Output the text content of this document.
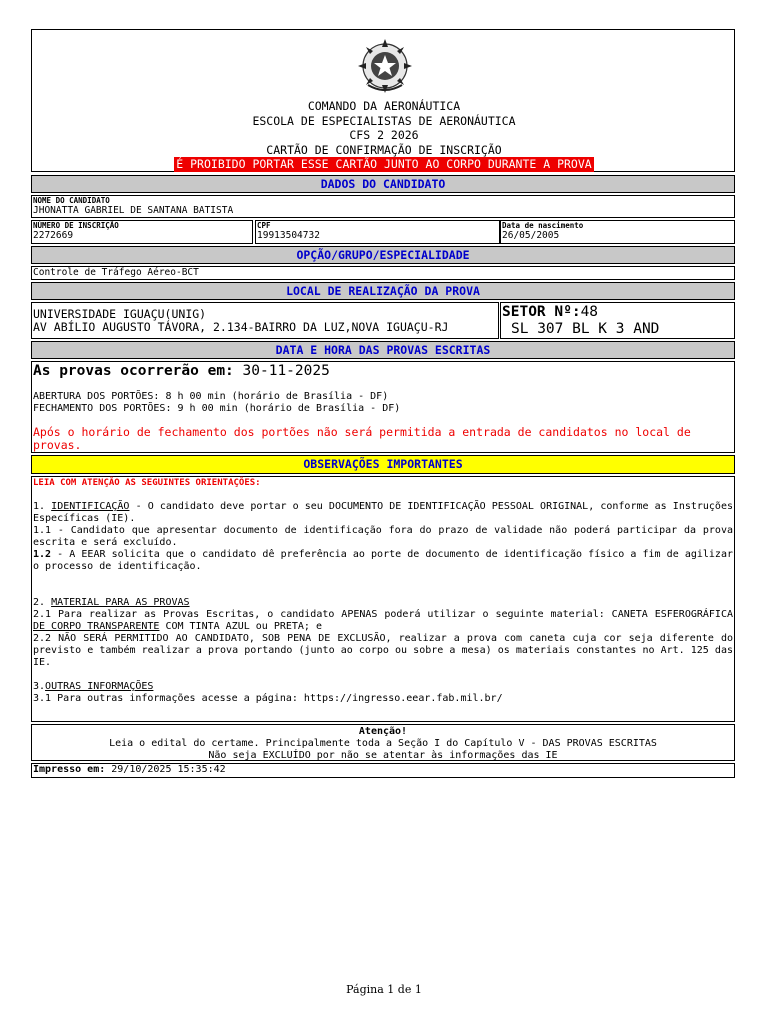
COMANDO DA AERONÁUTICA
ESCOLA DE ESPECIALISTAS DE AERONÁUTICA
CFS 2 2026
CARTÃO DE CONFIRMAÇÃO DE INSCRIÇÃO
É PROIBIDO PORTAR ESSE CARTÃO JUNTO AO CORPO DURANTE A PROVA
DADOS DO CANDIDATO
NOME DO CANDIDATO
JHONATTA GABRIEL DE SANTANA BATISTA
NÚMERO DE INSCRIÇÃO
2272669
CPF
19913504732
Data de nascimento
26/05/2005
OPÇÃO/GRUPO/ESPECIALIDADE
Controle de Tráfego Aéreo-BCT
LOCAL DE REALIZAÇÃO DA PROVA
UNIVERSIDADE IGUAÇU(UNIG)
AV ABÍLIO AUGUSTO TÁVORA, 2.134-BAIRRO DA LUZ,NOVA IGUAÇU-RJ
SETOR Nº:48
SL 307 BL K 3 AND
DATA E HORA DAS PROVAS ESCRITAS
As provas ocorrerão em: 30-11-2025
ABERTURA DOS PORTÕES: 8 h 00 min (horário de Brasília - DF)
FECHAMENTO DOS PORTÕES: 9 h 00 min (horário de Brasília - DF)
Após o horário de fechamento dos portões não será permitida a entrada de candidatos no local de provas.
OBSERVAÇÕES IMPORTANTES

LEIA COM ATENÇÃO AS SEGUINTES ORIENTAÇÕES:

1. IDENTIFICAÇÃO - O candidato deve portar o seu DOCUMENTO DE IDENTIFICAÇÃO PESSOAL ORIGINAL, conforme as Instruções Específicas (IE).

1.1 - Candidato que apresentar documento de identificação fora do prazo de validade não poderá participar da prova escrita e será excluído.

1.2 - A EEAR solicita que o candidato dê preferência ao porte de documento de identificação físico a fim de agilizar o processo de identificação.

2. MATERIAL PARA AS PROVAS

2.1 Para realizar as Provas Escritas, o candidato APENAS poderá utilizar o seguinte material: CANETA ESFEROGRÁFICA DE CORPO TRANSPARENTE COM TINTA AZUL ou PRETA; e

2.2 NÃO SERÁ PERMITIDO AO CANDIDATO, SOB PENA DE EXCLUSÃO, realizar a prova com caneta cuja cor seja diferente do previsto e também realizar a prova portando (junto ao corpo ou sobre a mesa) os materiais constantes no Art. 125 das IE.

3.OUTRAS INFORMAÇÕES

3.1 Para outras informações acesse a página: https://ingresso.eear.fab.mil.br/

Atenção!
Leia o edital do certame. Principalmente toda a Seção I do Capítulo V - DAS PROVAS ESCRITAS
Não seja EXCLUÍDO por não se atentar às informações das IE
Impresso em: 29/10/2025 15:35:42
Página 1 de 1
